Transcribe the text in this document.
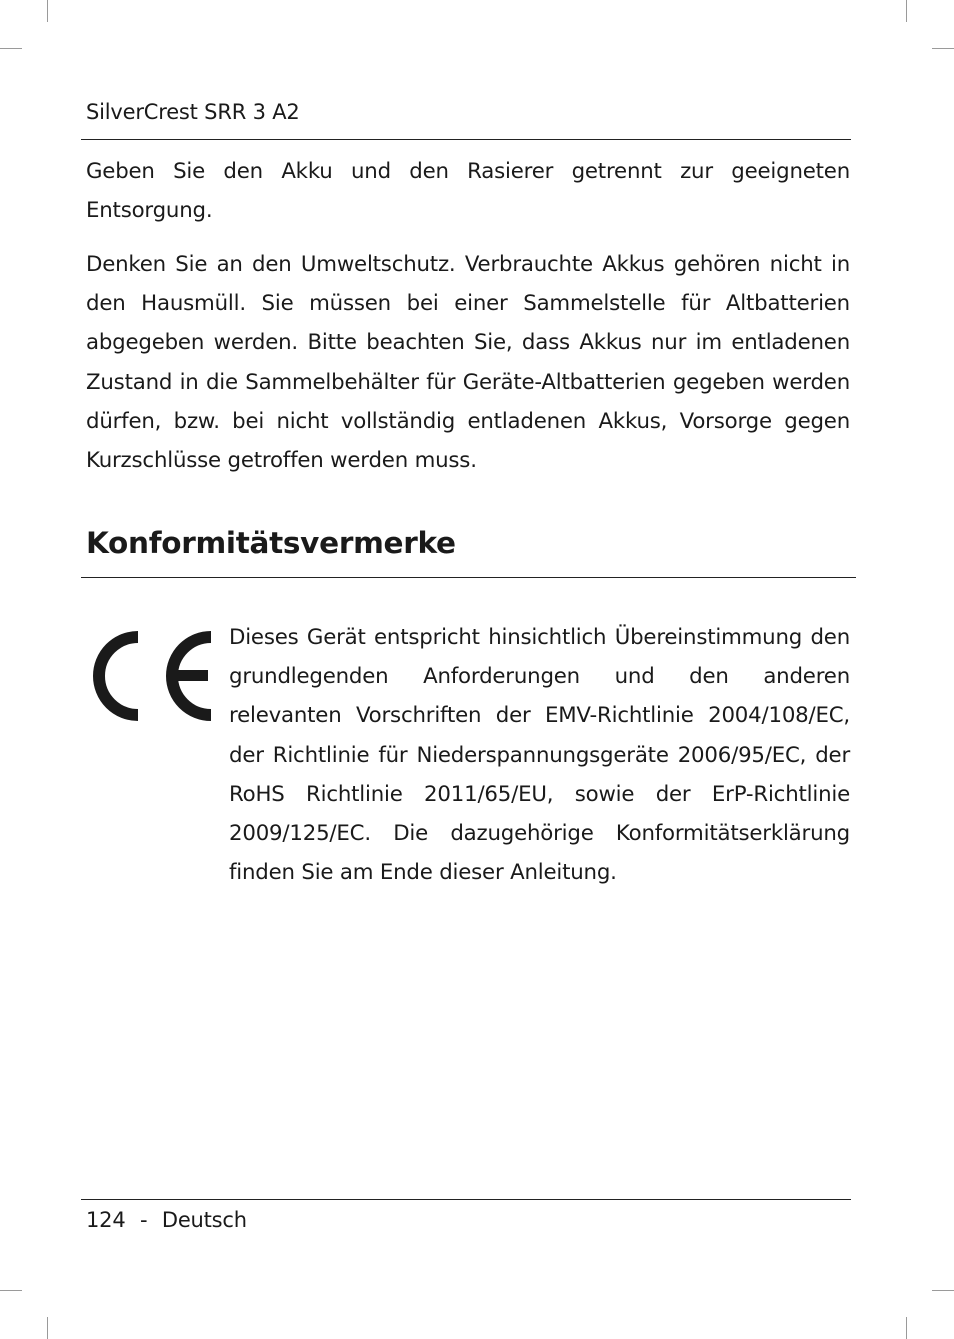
SilverCrest SRR 3 A2

Geben Sie den Akku und den Rasierer getrennt zur geeigneten Entsorgung.

Denken Sie an den Umweltschutz. Verbrauchte Akkus gehören nicht in den Hausmüll. Sie müssen bei einer Sammelstelle für Altbatterien abgegeben werden. Bitte beachten Sie, dass Akkus nur im entladenen Zustand in die Sammelbehälter für Geräte-Altbatterien gegeben werden dürfen, bzw. bei nicht vollständig entladenen Akkus, Vorsorge gegen Kurzschlüsse getroffen werden muss.

Konformitätsvermerke

Dieses Gerät entspricht hinsichtlich Übereinstimmung den grundlegenden Anforderungen und den anderen relevanten Vorschriften der EMV-Richtlinie 2004/108/EC, der Richtlinie für Niederspannungsgeräte 2006/95/EC, der RoHS Richtlinie 2011/65/EU, sowie der ErP-Richtlinie 2009/125/EC. Die dazugehörige Konformitätserklärung finden Sie am Ende dieser Anleitung.

124 - Deutsch
